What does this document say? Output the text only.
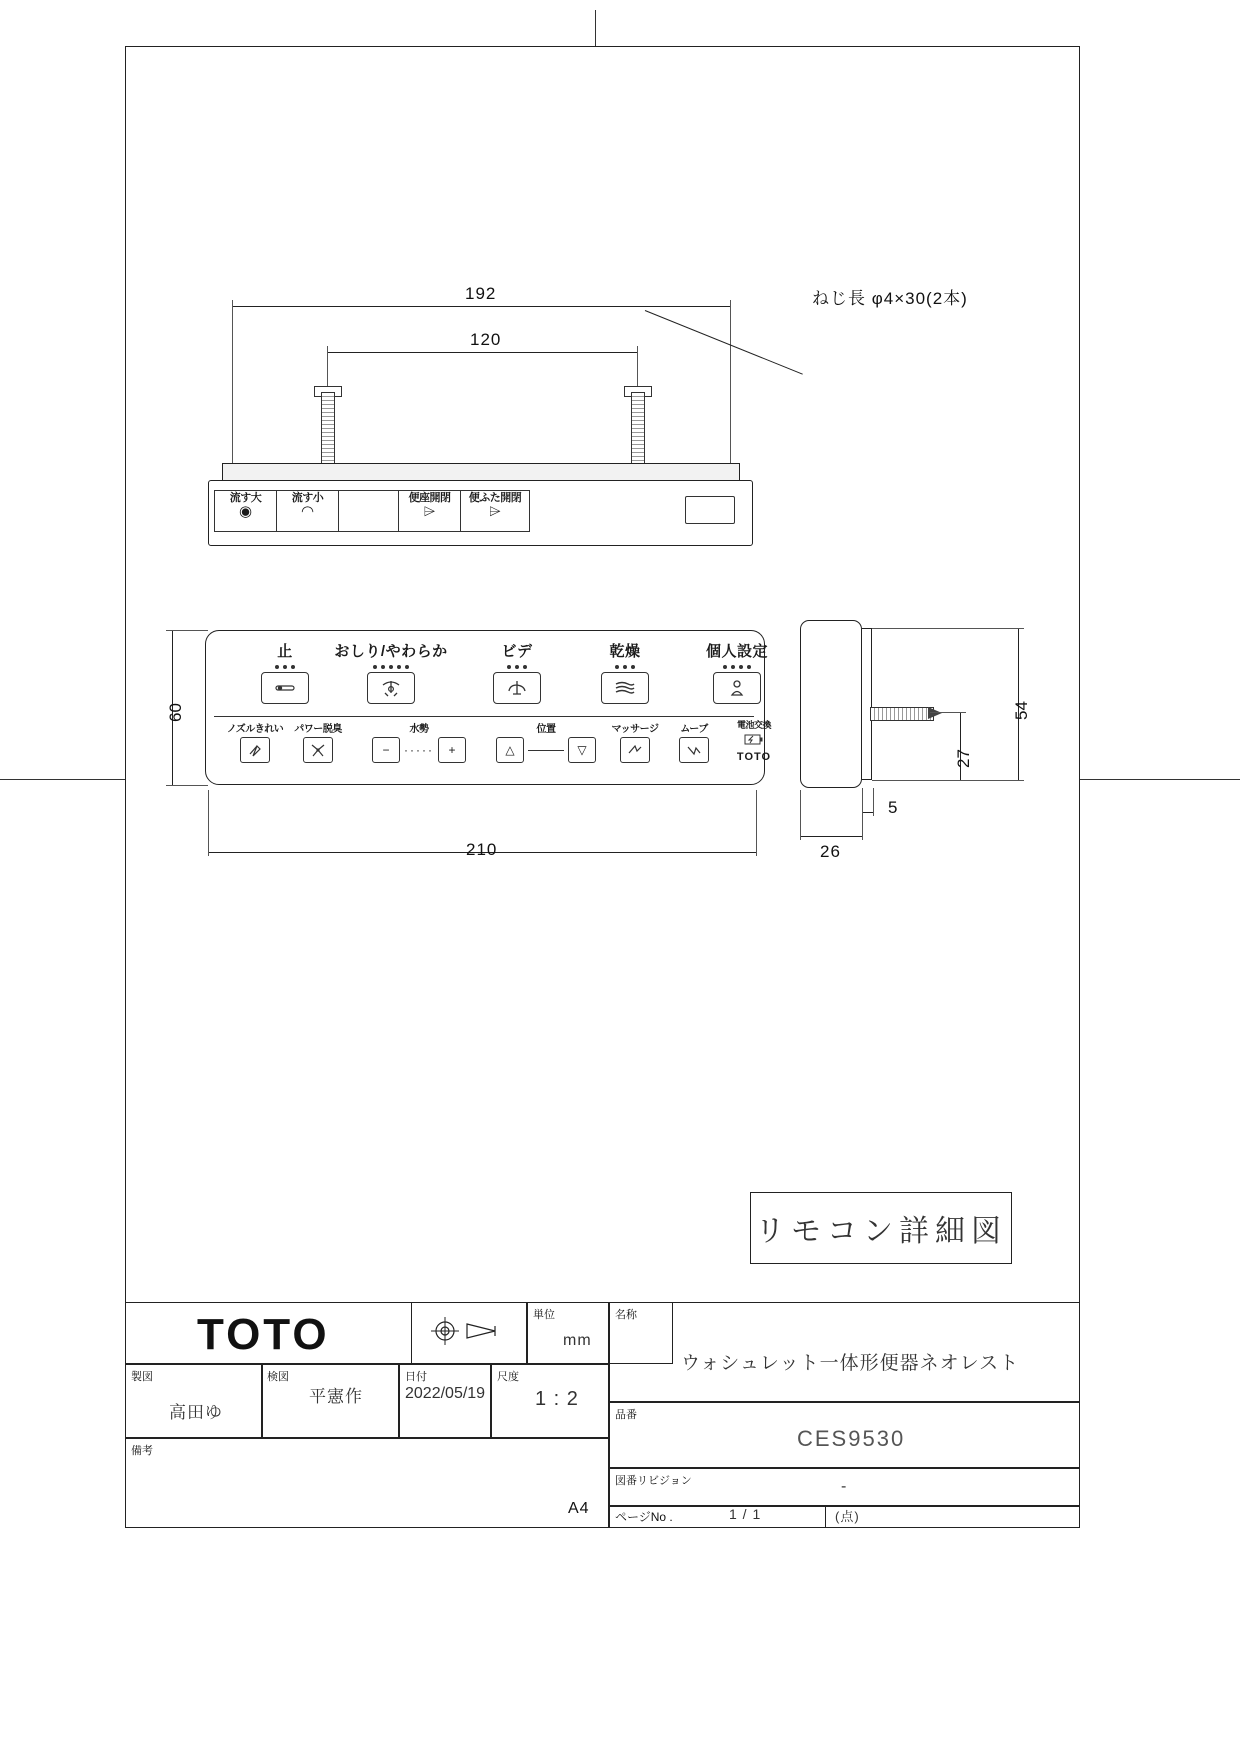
192
120
ねじ長 φ4×30(2本)
流す大
◉
流す小
◠
便座開閉
⌲
便ふた開閉
⌲
60
止	おしり/やわらか	ビデ	乾燥	個人設定
ノズルきれい	パワー脱臭	水勢
− ····· +
位置
△	▽
マッサージ	ムーブ	電池交換
TOTO
210
54
27
5
26
リモコン詳細図
TOTO	単位
mm
製図
高田ゆ
検図
平憲作
日付
2022/05/19
尺度
1 : 2
備考
名称
ウォシュレット一体形便器ネオレスト
品番
CES9530
図番リビジョン	-
ページNo .	1 / 1	(点)
A4
